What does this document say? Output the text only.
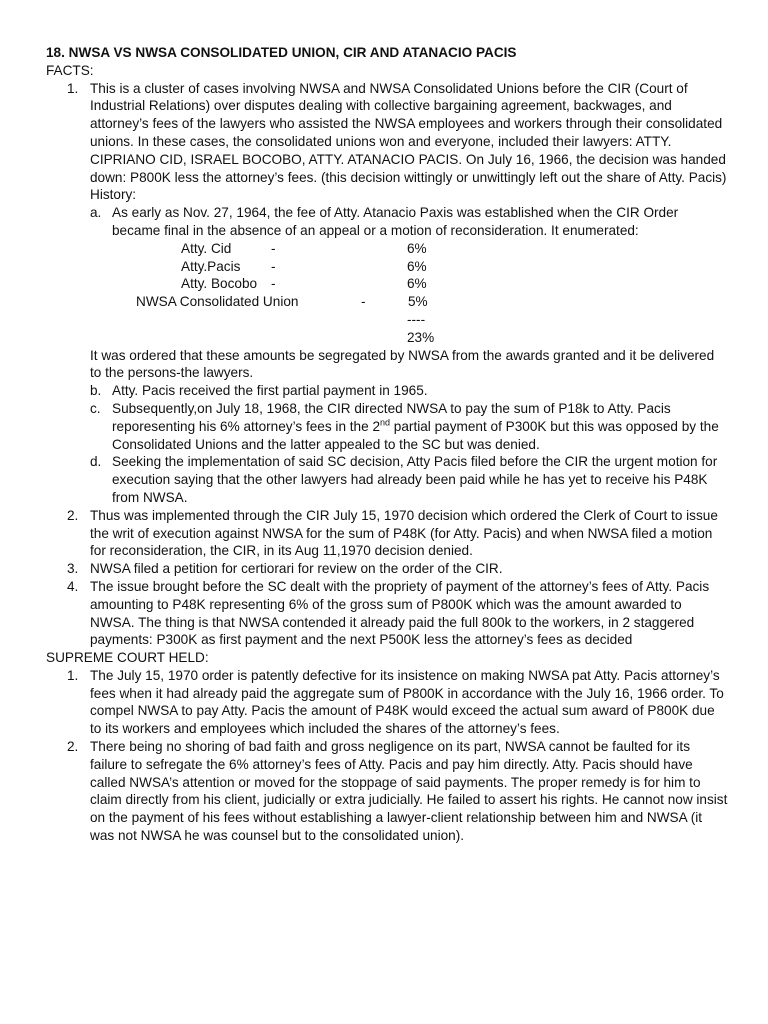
18. NWSA VS NWSA CONSOLIDATED UNION, CIR AND ATANACIO PACIS

FACTS:

1. This is a cluster of cases involving NWSA and NWSA Consolidated Unions before the CIR (Court of Industrial Relations) over disputes dealing with collective bargaining agreement, backwages, and attorney’s fees of the lawyers who assisted the NWSA employees and workers through their consolidated unions. In these cases, the consolidated unions won and everyone, included their lawyers: ATTY. CIPRIANO CID, ISRAEL BOCOBO, ATTY. ATANACIO PACIS. On July 16, 1966, the decision was handed down: P800K less the attorney’s fees. (this decision wittingly or unwittingly left out the share of Atty. Pacis)
History:
a. As early as Nov. 27, 1964, the fee of Atty. Atanacio Paxis was established when the CIR Order became final in the absence of an appeal or a motion of reconsideration. It enumerated:
Atty. Cid	-	6%
Atty.Pacis	-	6%
Atty. Bocobo	-	6%
NWSA Consolidated Union	-	5%
----
23%
It was ordered that these amounts be segregated by NWSA from the awards granted and it be delivered to the persons-the lawyers.
b. Atty. Pacis received the first partial payment in 1965.
c. Subsequently,on July 18, 1968, the CIR directed NWSA to pay the sum of P18k to Atty. Pacis reporesenting his 6% attorney’s fees in the 2nd partial payment of P300K but this was opposed by the Consolidated Unions and the latter appealed to the SC but was denied.
d. Seeking the implementation of said SC decision, Atty Pacis filed before the CIR the urgent motion for execution saying that the other lawyers had already been paid while he has yet to receive his P48K from NWSA.
2. Thus was implemented through the CIR July 15, 1970 decision which ordered the Clerk of Court to issue the writ of execution against NWSA for the sum of P48K (for Atty. Pacis) and when NWSA filed a motion for reconsideration, the CIR, in its Aug 11,1970 decision denied.
3. NWSA filed a petition for certiorari for review on the order of the CIR.
4. The issue brought before the SC dealt with the propriety of payment of the attorney’s fees of Atty. Pacis amounting to P48K representing 6% of the gross sum of P800K which was the amount awarded to NWSA. The thing is that NWSA contended it already paid the full 800k to the workers, in 2 staggered payments: P300K as first payment and the next P500K less the attorney’s fees as decided

SUPREME COURT HELD:

1. The July 15, 1970 order is patently defective for its insistence on making NWSA pat Atty. Pacis attorney’s fees when it had already paid the aggregate sum of P800K in accordance with the July 16, 1966 order. To compel NWSA to pay Atty. Pacis the amount of P48K would exceed the actual sum award of P800K due to its workers and employees which included the shares of the attorney’s fees.
2. There being no shoring of bad faith and gross negligence on its part, NWSA cannot be faulted for its failure to sefregate the 6% attorney’s fees of Atty. Pacis and pay him directly. Atty. Pacis should have called NWSA’s attention or moved for the stoppage of said payments. The proper remedy is for him to claim directly from his client, judicially or extra judicially. He failed to assert his rights. He cannot now insist on the payment of his fees without establishing a lawyer-client relationship between him and NWSA (it was not NWSA he was counsel but to the consolidated union).
